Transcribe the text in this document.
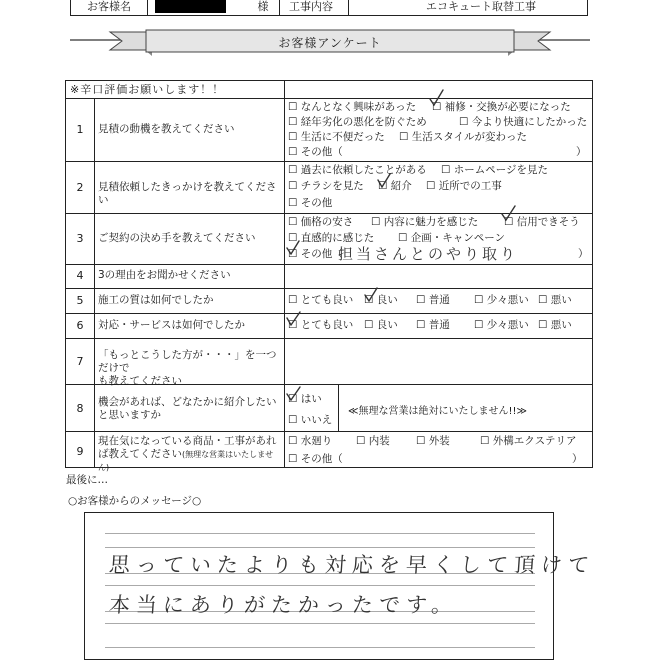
お客様名	様	工事内容	エコキュート取替工事
お客様アンケート
※辛口評価お願いします！！
1	見積の動機を教えてください
☐ なんとなく興味があった ☐ 補修・交換が必要になった
☐ 経年劣化の悪化を防ぐため	☐ 今より快適にしたかった
☐ 生活に不便だった ☐ 生活スタイルが変わった
☐ その他（	）
2	見積依頼したきっかけを教えてください
☐ 過去に依頼したことがある ☐ ホームページを見た
☐ チラシを見た ☐ 紹介 ☐ 近所での工事
☐ その他
3	ご契約の決め手を教えてください
☐ 価格の安さ ☐ 内容に魅力を感じた ☐ 信用できそう
☐ 直感的に感じた ☐ 企画・キャンペーン
☐ その他（
担当さんとのやり取り	）
4	3の理由をお聞かせください
5	施工の質は如何でしたか	☐ とても良い ☐ 良い ☐ 普通 ☐ 少々悪い ☐ 悪い
6	対応・サービスは如何でしたか	☐ とても良い ☐ 良い ☐ 普通 ☐ 少々悪い ☐ 悪い
7	「もっとこうした方が・・・」を一つだけで
も教えてください
8	機会があれば、どなたかに紹介したい
と思いますか
☐ はい
☐ いいえ
≪無理な営業は絶対にいたしません!!≫
9
現在気になっている商品・工事があれ
ば教えてください(無理な営業はいたしません)
☐ 水廻り ☐ 内装 ☐ 外装	☐ 外構エクステリア
☐ その他（	）
最後に…
○お客様からのメッセージ○
思っていたよりも対応を早くして頂けて
本当にありがたかったです。
